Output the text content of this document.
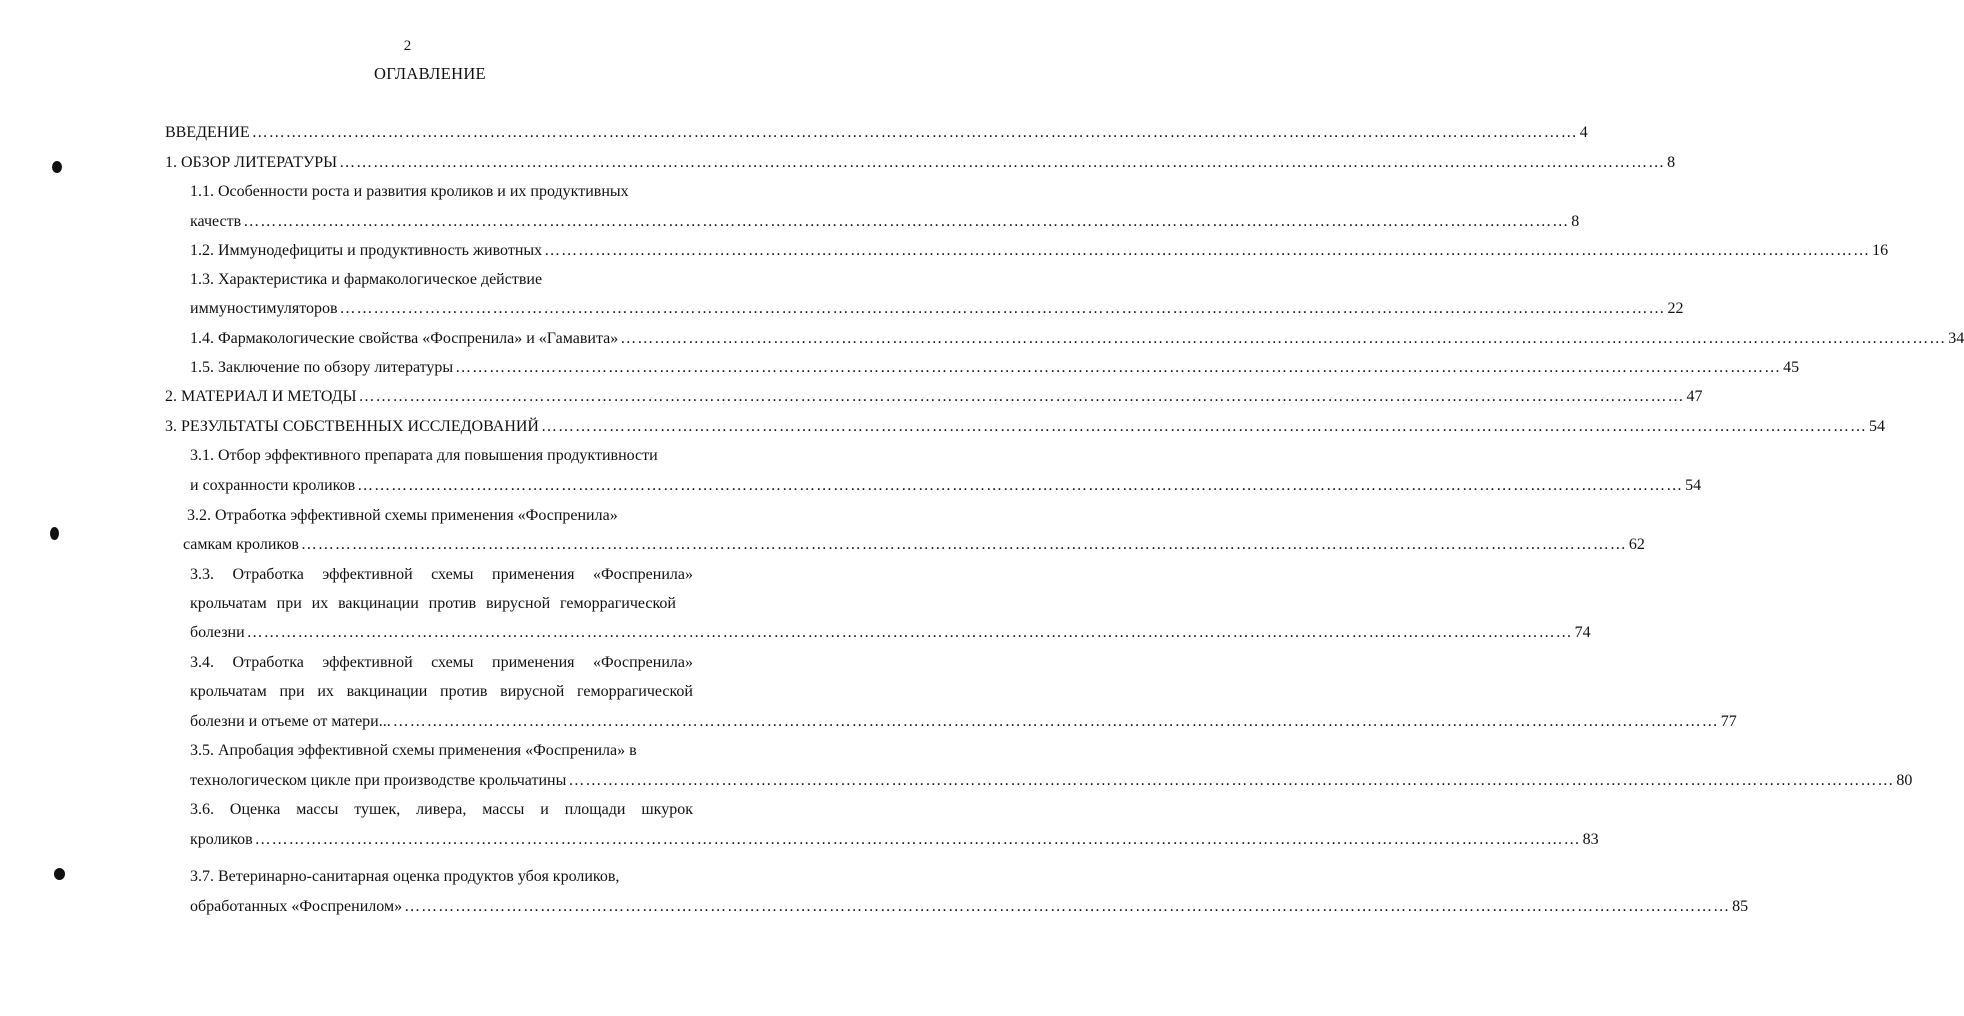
2
ОГЛАВЛЕНИЕ
ВВЕДЕНИЕ ……………………………………………………………………………………………………………………………………………………………………………………………………………… 4
1. ОБЗОР ЛИТЕРАТУРЫ ……………………………………………………………………………………………………………………………………………………………………………………………………………… 8
1.1. Особенности роста и развития кроликов и их продуктивных
качеств ……………………………………………………………………………………………………………………………………………………………………………………………………………… 8
1.2. Иммунодефициты и продуктивность животных ……………………………………………………………………………………………………………………………………………………………………………………………………………… 16
1.3. Характеристика и фармакологическое действие
иммуностимуляторов ……………………………………………………………………………………………………………………………………………………………………………………………………………… 22
1.4. Фармакологические свойства «Фоспренила» и «Гамавита» ……………………………………………………………………………………………………………………………………………………………………………………………………………… 34
1.5. Заключение по обзору литературы ……………………………………………………………………………………………………………………………………………………………………………………………………………… 45
2. МАТЕРИАЛ И МЕТОДЫ ……………………………………………………………………………………………………………………………………………………………………………………………………………… 47
3. РЕЗУЛЬТАТЫ СОБСТВЕННЫХ ИССЛЕДОВАНИЙ ……………………………………………………………………………………………………………………………………………………………………………………………………………… 54
3.1. Отбор эффективного препарата для повышения продуктивности
и сохранности кроликов ……………………………………………………………………………………………………………………………………………………………………………………………………………… 54
3.2. Отработка эффективной схемы применения «Фоспренила»
самкам кроликов ……………………………………………………………………………………………………………………………………………………………………………………………………………… 62
3.3. Отработка эффективной схемы применения «Фоспренила»
крольчатам при их вакцинации против вирусной геморрагической
болезни ……………………………………………………………………………………………………………………………………………………………………………………………………………… 74
3.4. Отработка эффективной схемы применения «Фоспренила»
крольчатам при их вакцинации против вирусной геморрагической
болезни и отъеме от матери... ……………………………………………………………………………………………………………………………………………………………………………………………………………… 77
3.5. Апробация эффективной схемы применения «Фоспренила» в
технологическом цикле при производстве крольчатины ……………………………………………………………………………………………………………………………………………………………………………………………………………… 80
3.6. Оценка массы тушек, ливера, массы и площади шкурок
кроликов ……………………………………………………………………………………………………………………………………………………………………………………………………………… 83
3.7. Ветеринарно-санитарная оценка продуктов убоя кроликов,
обработанных «Фоспренилом» ……………………………………………………………………………………………………………………………………………………………………………………………………………… 85
